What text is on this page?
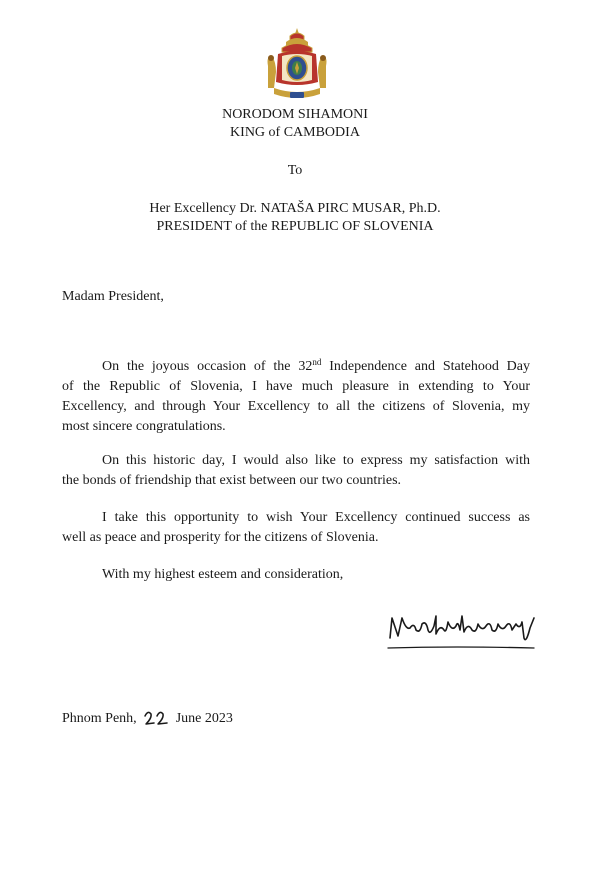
NORODOM SIHAMONI
KING of CAMBODIA
To
Her Excellency Dr. NATAŠA PIRC MUSAR, Ph.D.
PRESIDENT of the REPUBLIC OF SLOVENIA
Madam President,
On the joyous occasion of the 32nd Independence and Statehood Day
of the Republic of Slovenia, I have much pleasure in extending to Your
Excellency, and through Your Excellency to all the citizens of Slovenia, my
most sincere congratulations.
On this historic day, I would also like to express my satisfaction with
the bonds of friendship that exist between our two countries.
I take this opportunity to wish Your Excellency continued success as
well as peace and prosperity for the citizens of Slovenia.
With my highest esteem and consideration,
Phnom Penh,	June 2023
